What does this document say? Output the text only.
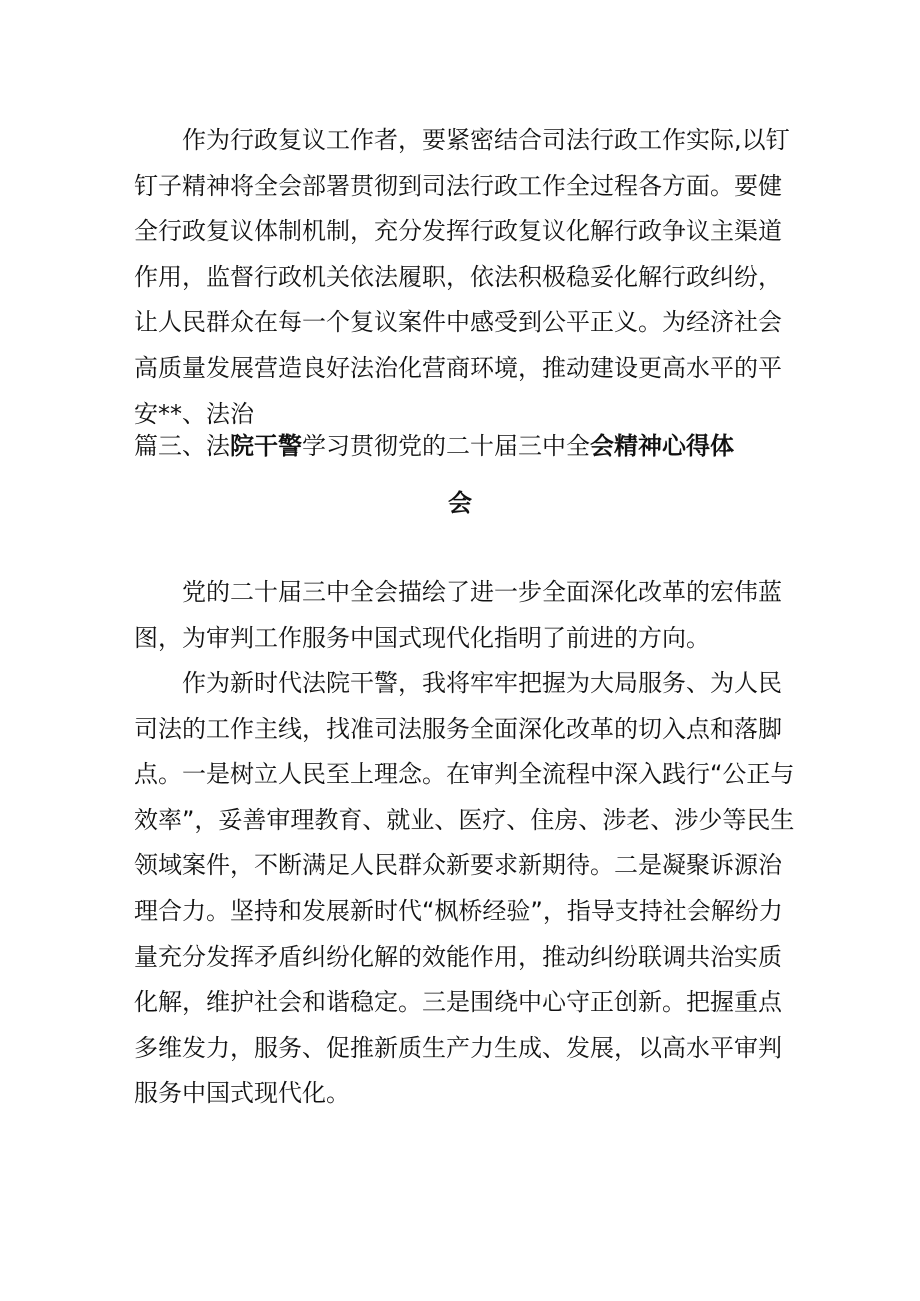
作为行政复议工作者，要紧密结合司法行政工作实际,以钉钉子精神将全会部署贯彻到司法行政工作全过程各方面。要健全行政复议体制机制，充分发挥行政复议化解行政争议主渠道作用，监督行政机关依法履职，依法积极稳妥化解行政纠纷，让人民群众在每一个复议案件中感受到公平正义。为经济社会高质量发展营造良好法治化营商环境，推动建设更高水平的平安**、法治

篇三、法院干警学习贯彻党的二十届三中全会精神心得体
会

党的二十届三中全会描绘了进一步全面深化改革的宏伟蓝图，为审判工作服务中国式现代化指明了前进的方向。

作为新时代法院干警，我将牢牢把握为大局服务、为人民司法的工作主线，找准司法服务全面深化改革的切入点和落脚点。一是树立人民至上理念。在审判全流程中深入践行“公正与效率”，妥善审理教育、就业、医疗、住房、涉老、涉少等民生领域案件，不断满足人民群众新要求新期待。二是凝聚诉源治理合力。坚持和发展新时代“枫桥经验”，指导支持社会解纷力量充分发挥矛盾纠纷化解的效能作用，推动纠纷联调共治实质化解，维护社会和谐稳定。三是围绕中心守正创新。把握重点多维发力，服务、促推新质生产力生成、发展，以高水平审判服务中国式现代化。
